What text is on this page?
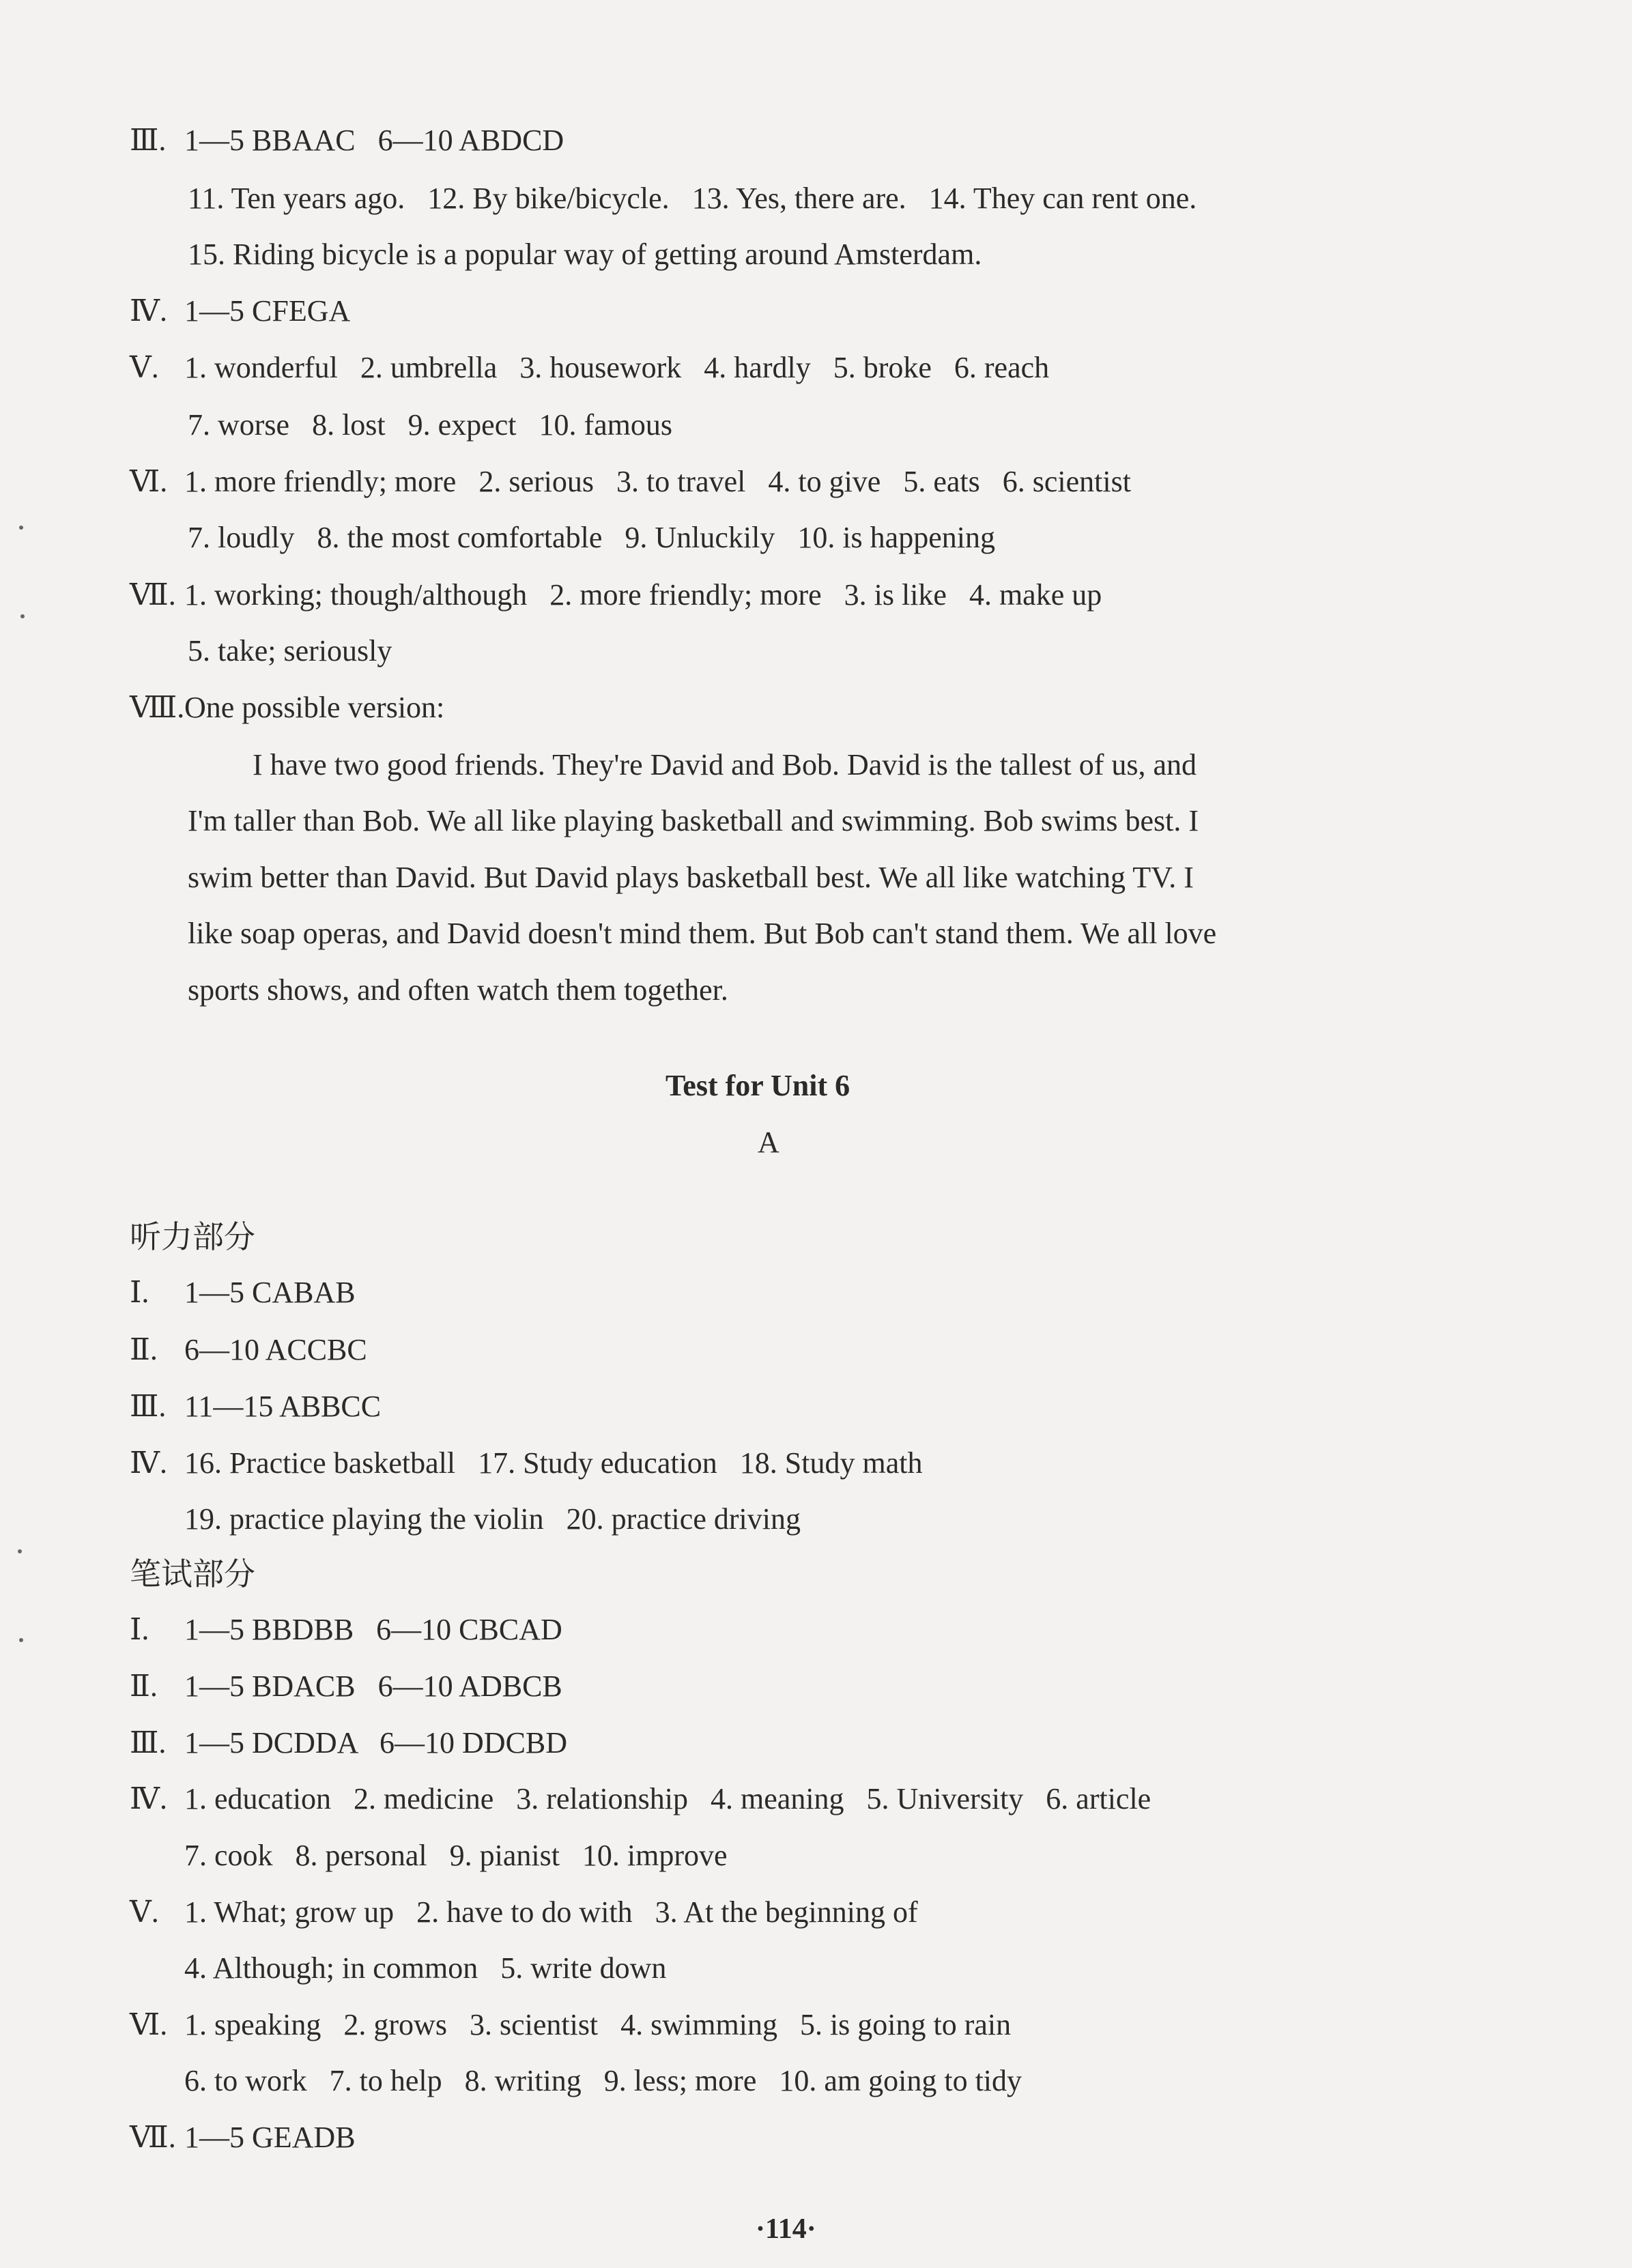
Ⅲ. 1—5 BBAAC   6—10 ABDCD
11. Ten years ago.   12. By bike/bicycle.   13. Yes, there are.   14. They can rent one.
15. Riding bicycle is a popular way of getting around Amsterdam.
Ⅳ. 1—5 CFEGA
Ⅴ. 1. wonderful   2. umbrella   3. housework   4. hardly   5. broke   6. reach
7. worse   8. lost   9. expect   10. famous
Ⅵ. 1. more friendly; more   2. serious   3. to travel   4. to give   5. eats   6. scientist
7. loudly   8. the most comfortable   9. Unluckily   10. is happening
Ⅶ. 1. working; though/although   2. more friendly; more   3. is like   4. make up
5. take; seriously
Ⅷ.One possible version:
I have two good friends. They're David and Bob. David is the tallest of us, and
I'm taller than Bob. We all like playing basketball and swimming. Bob swims best. I
swim better than David. But David plays basketball best. We all like watching TV. I
like soap operas, and David doesn't mind them. But Bob can't stand them. We all love
sports shows, and often watch them together.
Test for Unit 6
A
听力部分
Ⅰ. 1—5 CABAB
Ⅱ. 6—10 ACCBC
Ⅲ. 11—15 ABBCC
Ⅳ. 16. Practice basketball   17. Study education   18. Study math
19. practice playing the violin   20. practice driving
笔试部分
Ⅰ. 1—5 BBDBB   6—10 CBCAD
Ⅱ. 1—5 BDACB   6—10 ADBCB
Ⅲ. 1—5 DCDDA   6—10 DDCBD
Ⅳ. 1. education   2. medicine   3. relationship   4. meaning   5. University   6. article
7. cook   8. personal   9. pianist   10. improve
Ⅴ. 1. What; grow up   2. have to do with   3. At the beginning of
4. Although; in common   5. write down
Ⅵ. 1. speaking   2. grows   3. scientist   4. swimming   5. is going to rain
6. to work   7. to help   8. writing   9. less; more   10. am going to tidy
Ⅶ. 1—5 GEADB
·114·
